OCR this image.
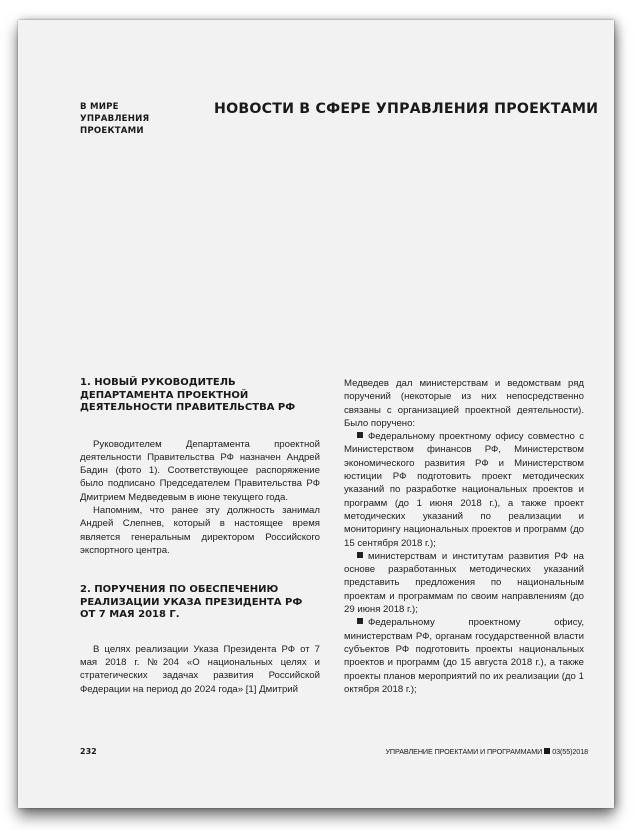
В МИРЕ УПРАВЛЕНИЯ ПРОЕКТАМИ
НОВОСТИ В СФЕРЕ УПРАВЛЕНИЯ ПРОЕКТАМИ
1. НОВЫЙ РУКОВОДИТЕЛЬ ДЕПАРТАМЕНТА ПРОЕКТНОЙ ДЕЯТЕЛЬНОСТИ ПРАВИТЕЛЬСТВА РФ

Руководителем Департамента проектной деятельности Правительства РФ назначен Андрей Бадин (фото 1). Соответствующее распоряжение было подписано Председателем Правительства РФ Дмитрием Медведевым в июне текущего года.

Напомним, что ранее эту должность занимал Андрей Слепнев, который в настоящее время является генеральным директором Российского экспортного центра.

2. ПОРУЧЕНИЯ ПО ОБЕСПЕЧЕНИЮ РЕАЛИЗАЦИИ УКАЗА ПРЕЗИДЕНТА РФ ОТ 7 МАЯ 2018 Г.

В целях реализации Указа Президента РФ от 7 мая 2018 г. №204 «О национальных целях и стратегических задачах развития Российской Федерации на период до 2024 года» [1] Дмитрий

Медведев дал министерствам и ведомствам ряд поручений (некоторые из них непосредственно связаны с организацией проектной деятельности). Было поручено:

Федеральному проектному офису совместно с Министерством финансов РФ, Министерством экономического развития РФ и Министерством юстиции РФ подготовить проект методических указаний по разработке национальных проектов и программ (до 1 июня 2018 г.), а также проект методических указаний по реализации и мониторингу национальных проектов и программ (до 15 сентября 2018 г.);

министерствам и институтам развития РФ на основе разработанных методических указаний представить предложения по национальным проектам и программам по своим направлениям (до 29 июня 2018 г.);

Федеральному проектному офису, министерствам РФ, органам государственной власти субъектов РФ подготовить проекты национальных проектов и программ (до 15 августа 2018 г.), а также проекты планов мероприятий по их реализации (до 1 октября 2018 г.);

232	УПРАВЛЕНИЕ ПРОЕКТАМИ И ПРОГРАММАМИ 03(55)2018
